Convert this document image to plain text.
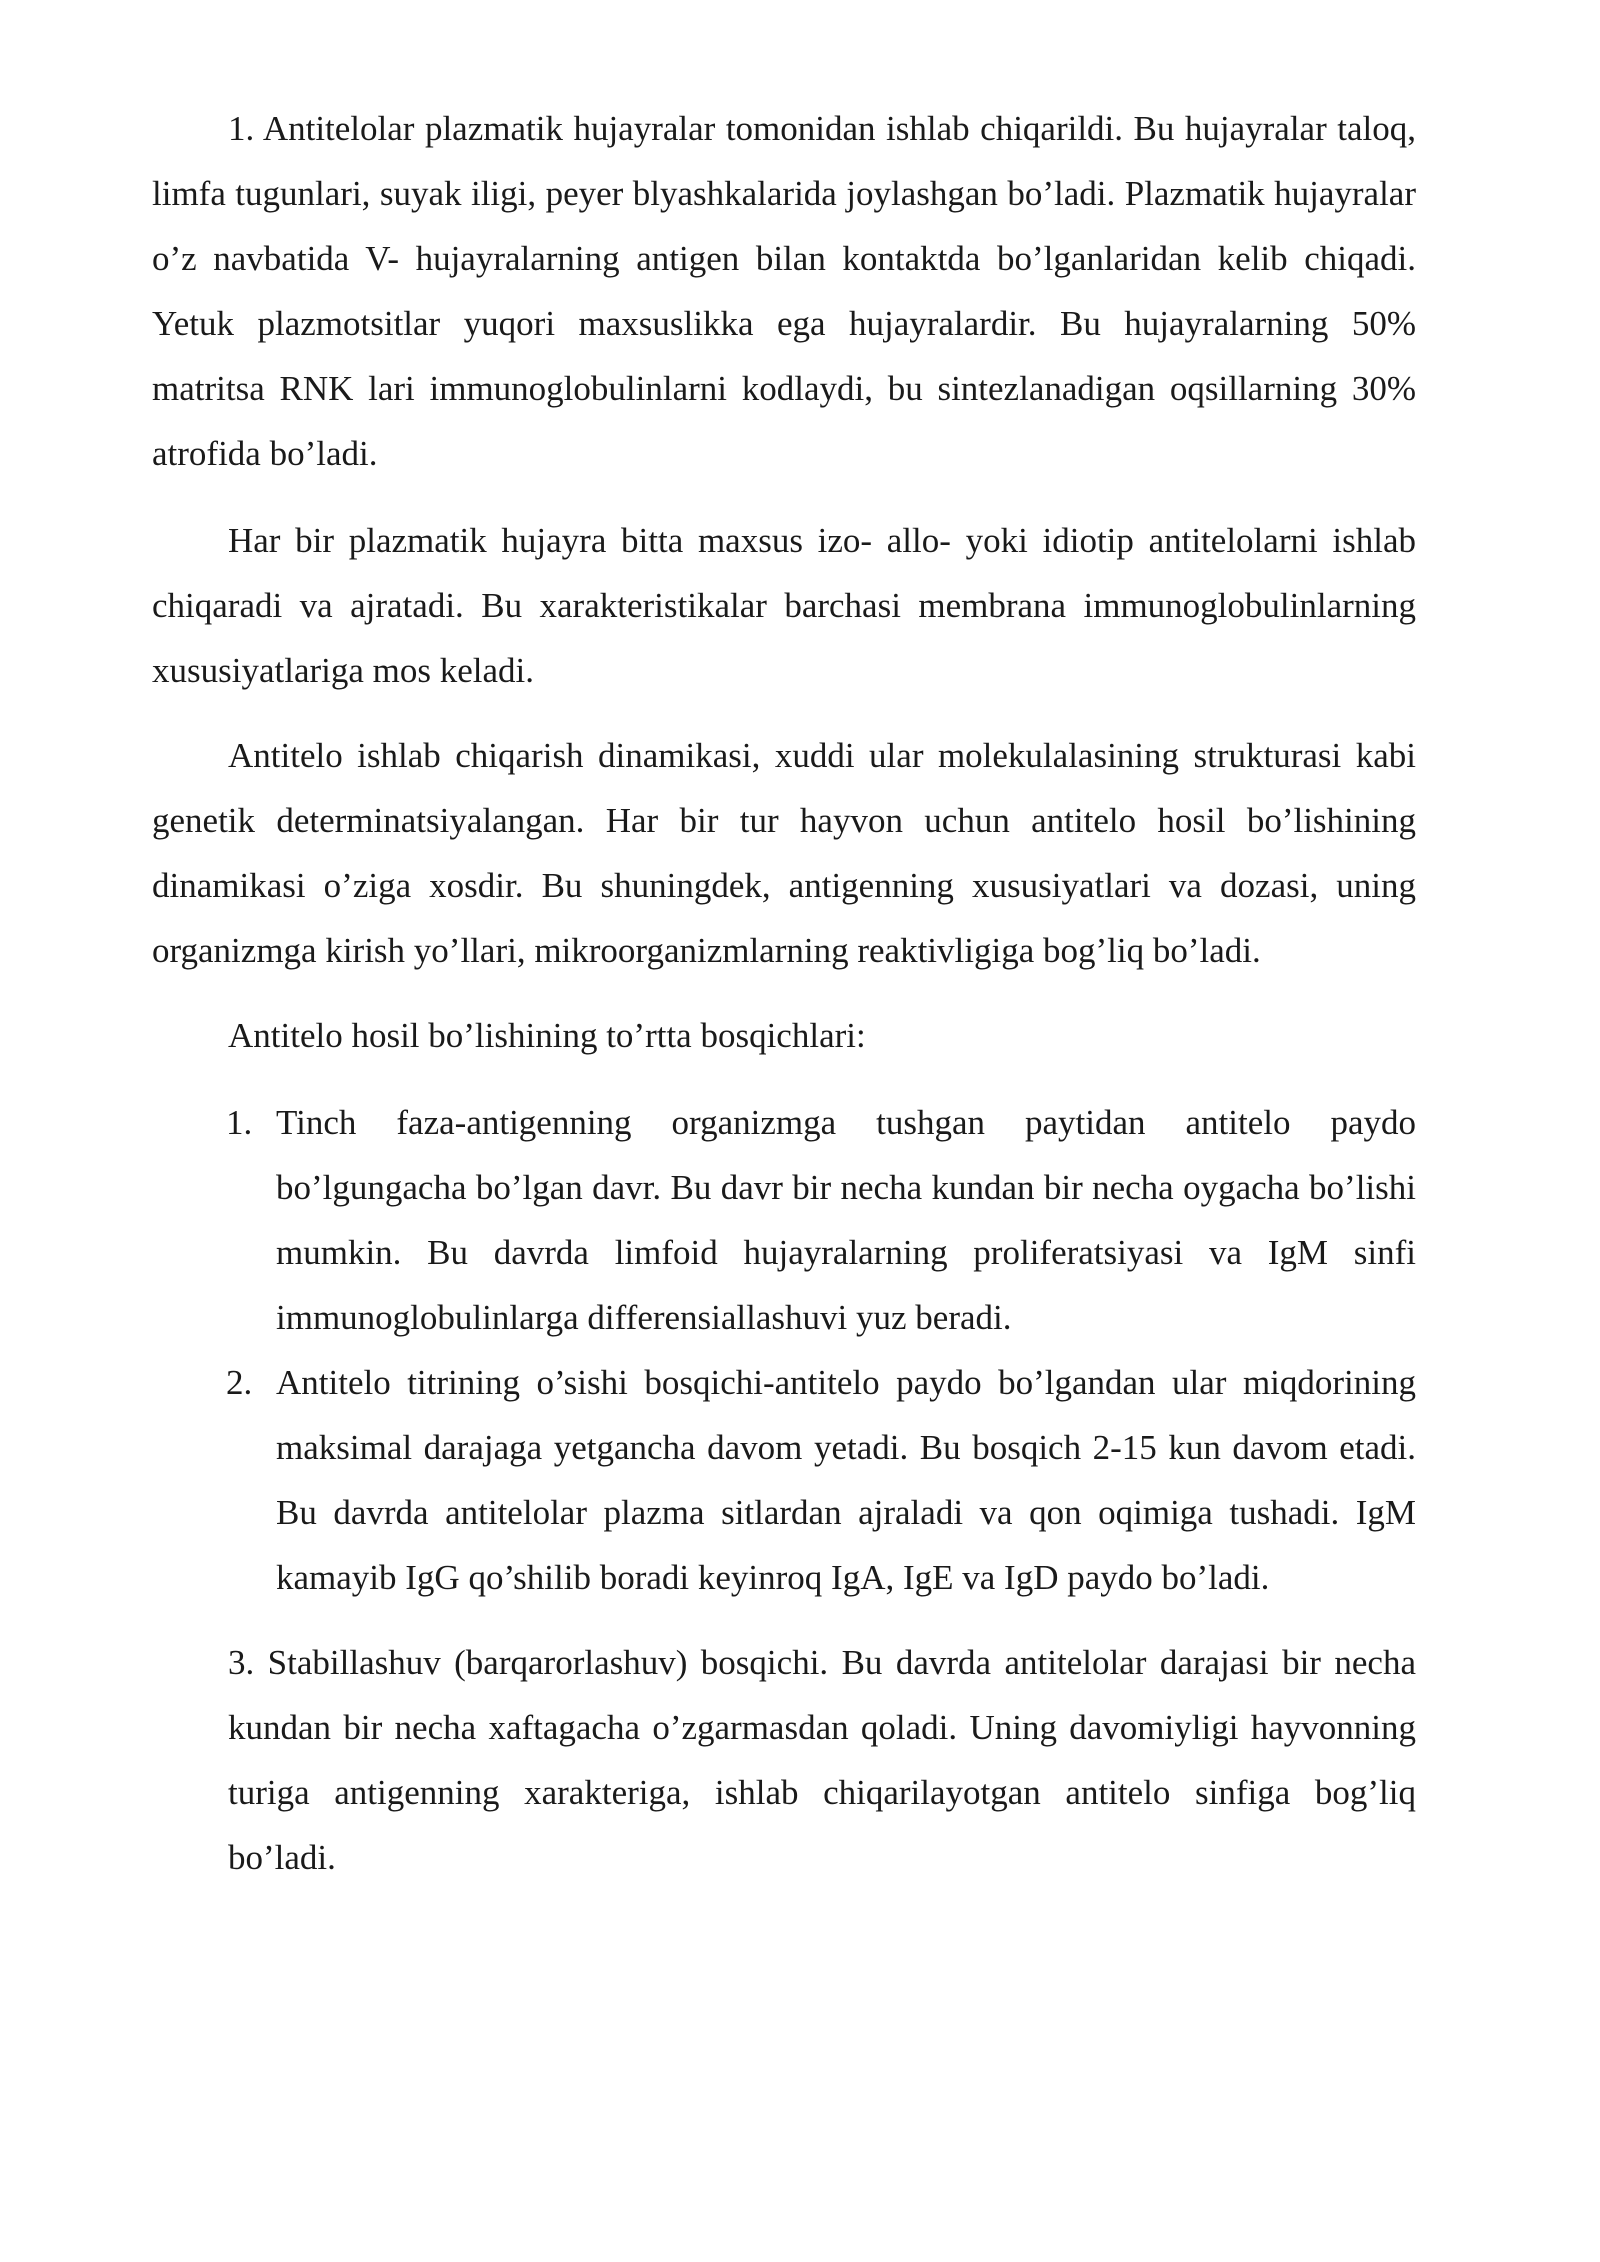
1. Antitelolar plazmatik hujayralar tomonidan ishlab chiqarildi. Bu hujayralar taloq, limfa tugunlari, suyak iligi, peyer blyashkalarida joylashgan bo’ladi. Plazmatik hujayralar o’z navbatida V- hujayralarning antigen bilan kontaktda bo’lganlaridan kelib chiqadi. Yetuk plazmotsitlar yuqori maxsuslikka ega hujayralardir. Bu hujayralarning 50% matritsa RNK lari immunoglobulinlarni kodlaydi, bu sintezlanadigan oqsillarning 30% atrofida bo’ladi.

Har bir plazmatik hujayra bitta maxsus izo- allo- yoki idiotip antitelolarni ishlab chiqaradi va ajratadi. Bu xarakteristikalar barchasi membrana immunoglobulinlarning xususiyatlariga mos keladi.

Antitelo ishlab chiqarish dinamikasi, xuddi ular molekulalasining strukturasi kabi genetik determinatsiyalangan. Har bir tur hayvon uchun antitelo hosil bo’lishining dinamikasi o’ziga xosdir. Bu shuningdek, antigenning xususiyatlari va dozasi, uning organizmga kirish yo’llari, mikroorganizmlarning reaktivligiga bog’liq bo’ladi.

Antitelo hosil bo’lishining to’rtta bosqichlari:

1. Tinch faza-antigenning organizmga tushgan paytidan antitelo paydo bo’lgungacha bo’lgan davr. Bu davr bir necha kundan bir necha oygacha bo’lishi mumkin. Bu davrda limfoid hujayralarning proliferatsiyasi va IgM sinfi immunoglobulinlarga differensiallashuvi yuz beradi.
2. Antitelo titrining o’sishi bosqichi-antitelo paydo bo’lgandan ular miqdorining maksimal darajaga yetgancha davom yetadi. Bu bosqich 2-15 kun davom etadi. Bu davrda antitelolar plazma sitlardan ajraladi va qon oqimiga tushadi. IgM kamayib IgG qo’shilib boradi keyinroq IgA, IgE va IgD paydo bo’ladi.

3. Stabillashuv (barqarorlashuv) bosqichi. Bu davrda antitelolar darajasi bir necha kundan bir necha xaftagacha o’zgarmasdan qoladi. Uning davomiyligi hayvonning turiga antigenning xarakteriga, ishlab chiqarilayotgan antitelo sinfiga bog’liq bo’ladi.
